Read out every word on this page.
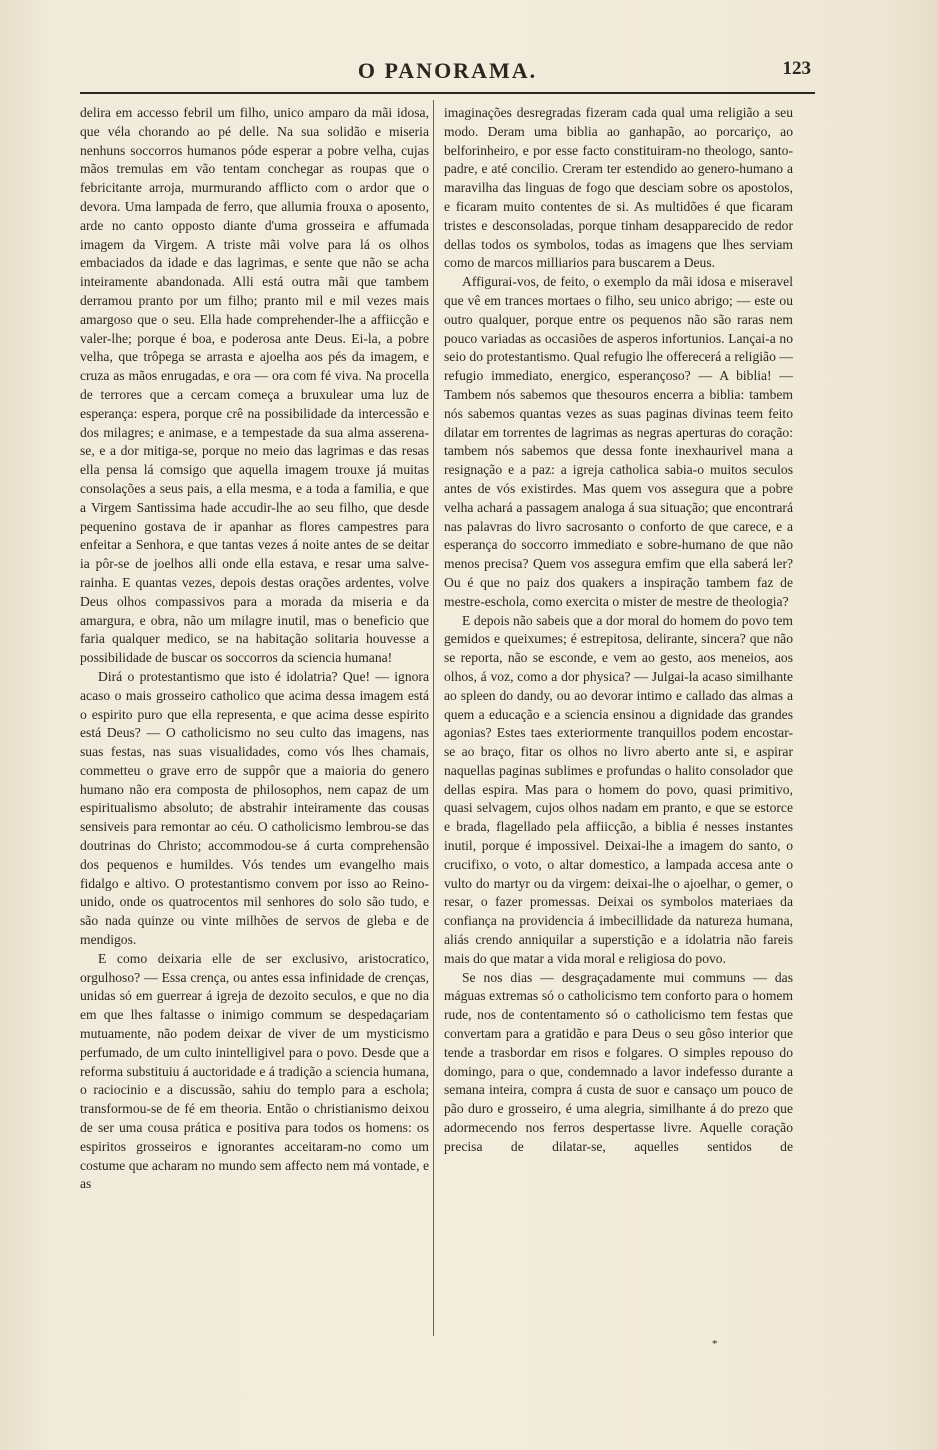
O PANORAMA.	123

delira em accesso febril um filho, unico amparo da mãi idosa, que véla chorando ao pé delle. Na sua solidão e miseria nenhuns soccorros humanos póde esperar a pobre velha, cujas mãos tremulas em vão tentam conchegar as roupas que o febricitante arroja, murmurando afflicto com o ardor que o devora. Uma lampada de ferro, que allumia frouxa o aposento, arde no canto opposto diante d'uma grosseira e affumada imagem da Virgem. A triste mãi volve para lá os olhos embaciados da idade e das lagrimas, e sente que não se acha inteiramente abandonada. Alli está outra mãi que tambem derramou pranto por um filho; pranto mil e mil vezes mais amargoso que o seu. Ella hade comprehender-lhe a affiicção e valer-lhe; porque é boa, e poderosa ante Deus. Ei-la, a pobre velha, que trôpega se arrasta e ajoelha aos pés da imagem, e cruza as mãos enrugadas, e ora — ora com fé viva. Na procella de terrores que a cercam começa a bruxulear uma luz de esperança: espera, porque crê na possibilidade da intercessão e dos milagres; e animase, e a tempestade da sua alma asserena-se, e a dor mitiga-se, porque no meio das lagrimas e das resas ella pensa lá comsigo que aquella imagem trouxe já muitas consolações a seus pais, a ella mesma, e a toda a familia, e que a Virgem Santissima hade accudir-lhe ao seu filho, que desde pequenino gostava de ir apanhar as flores campestres para enfeitar a Senhora, e que tantas vezes á noite antes de se deitar ia pôr-se de joelhos alli onde ella estava, e resar uma salve-rainha. E quantas vezes, depois destas orações ardentes, volve Deus olhos compassivos para a morada da miseria e da amargura, e obra, não um milagre inutil, mas o beneficio que faria qualquer medico, se na habitação solitaria houvesse a possibilidade de buscar os soccorros da sciencia humana!

Dirá o protestantismo que isto é idolatria? Que! — ignora acaso o mais grosseiro catholico que acima dessa imagem está o espirito puro que ella representa, e que acima desse espirito está Deus? — O catholicismo no seu culto das imagens, nas suas festas, nas suas visualidades, como vós lhes chamais, commetteu o grave erro de suppôr que a maioria do genero humano não era composta de philosophos, nem capaz de um espiritualismo absoluto; de abstrahir inteiramente das cousas sensiveis para remontar ao céu. O catholicismo lembrou-se das doutrinas do Christo; accommodou-se á curta comprehensão dos pequenos e humildes. Vós tendes um evangelho mais fidalgo e altivo. O protestantismo convem por isso ao Reino-unido, onde os quatrocentos mil senhores do solo são tudo, e são nada quinze ou vinte milhões de servos de gleba e de mendigos.

E como deixaria elle de ser exclusivo, aristocratico, orgulhoso? — Essa crença, ou antes essa infinidade de crenças, unidas só em guerrear á igreja de dezoito seculos, e que no dia em que lhes faltasse o inimigo commum se despedaçariam mutuamente, não podem deixar de viver de um mysticismo perfumado, de um culto inintelligivel para o povo. Desde que a reforma substituiu á auctoridade e á tradição a sciencia humana, o raciocinio e a discussão, sahiu do templo para a eschola; transformou-se de fé em theoria. Então o christianismo deixou de ser uma cousa prática e positiva para todos os homens: os espiritos grosseiros e ignorantes acceitaram-no como um costume que acharam no mundo sem affecto nem má vontade, e as

imaginações desregradas fizeram cada qual uma religião a seu modo. Deram uma biblia ao ganhapão, ao porcariço, ao belforinheiro, e por esse facto constituiram-no theologo, santo-padre, e até concilio. Creram ter estendido ao genero-humano a maravilha das linguas de fogo que desciam sobre os apostolos, e ficaram muito contentes de si. As multidões é que ficaram tristes e desconsoladas, porque tinham desapparecido de redor dellas todos os symbolos, todas as imagens que lhes serviam como de marcos milliarios para buscarem a Deus.

Affigurai-vos, de feito, o exemplo da mãi idosa e miseravel que vê em trances mortaes o filho, seu unico abrigo; — este ou outro qualquer, porque entre os pequenos não são raras nem pouco variadas as occasiões de asperos infortunios. Lançai-a no seio do protestantismo. Qual refugio lhe offerecerá a religião — refugio immediato, energico, esperançoso? — A biblia! — Tambem nós sabemos que thesouros encerra a biblia: tambem nós sabemos quantas vezes as suas paginas divinas teem feito dilatar em torrentes de lagrimas as negras aperturas do coração: tambem nós sabemos que dessa fonte inexhaurivel mana a resignação e a paz: a igreja catholica sabia-o muitos seculos antes de vós existirdes. Mas quem vos assegura que a pobre velha achará a passagem analoga á sua situação; que encontrará nas palavras do livro sacrosanto o conforto de que carece, e a esperança do soccorro immediato e sobre-humano de que não menos precisa? Quem vos assegura emfim que ella saberá ler? Ou é que no paiz dos quakers a inspiração tambem faz de mestre-eschola, como exercita o mister de mestre de theologia?

E depois não sabeis que a dor moral do homem do povo tem gemidos e queixumes; é estrepitosa, delirante, sincera? que não se reporta, não se esconde, e vem ao gesto, aos meneios, aos olhos, á voz, como a dor physica? — Julgai-la acaso similhante ao spleen do dandy, ou ao devorar intimo e callado das almas a quem a educação e a sciencia ensinou a dignidade das grandes agonias? Estes taes exteriormente tranquillos podem encostar-se ao braço, fitar os olhos no livro aberto ante si, e aspirar naquellas paginas sublimes e profundas o halito consolador que dellas espira. Mas para o homem do povo, quasi primitivo, quasi selvagem, cujos olhos nadam em pranto, e que se estorce e brada, flagellado pela affiicção, a biblia é nesses instantes inutil, porque é impossivel. Deixai-lhe a imagem do santo, o crucifixo, o voto, o altar domestico, a lampada accesa ante o vulto do martyr ou da virgem: deixai-lhe o ajoelhar, o gemer, o resar, o fazer promessas. Deixai os symbolos materiaes da confiança na providencia á imbecillidade da natureza humana, aliás crendo anniquilar a superstição e a idolatria não fareis mais do que matar a vida moral e religiosa do povo.

Se nos dias — desgraçadamente mui communs — das máguas extremas só o catholicismo tem conforto para o homem rude, nos de contentamento só o catholicismo tem festas que convertam para a gratidão e para Deus o seu gôso interior que tende a trasbordar em risos e folgares. O simples repouso do domingo, para o que, condemnado a lavor indefesso durante a semana inteira, compra á custa de suor e cansaço um pouco de pão duro e grosseiro, é uma alegria, similhante á do prezo que adormecendo nos ferros despertasse livre. Aquelle coração precisa de dilatar-se, aquelles sentidos de

*
